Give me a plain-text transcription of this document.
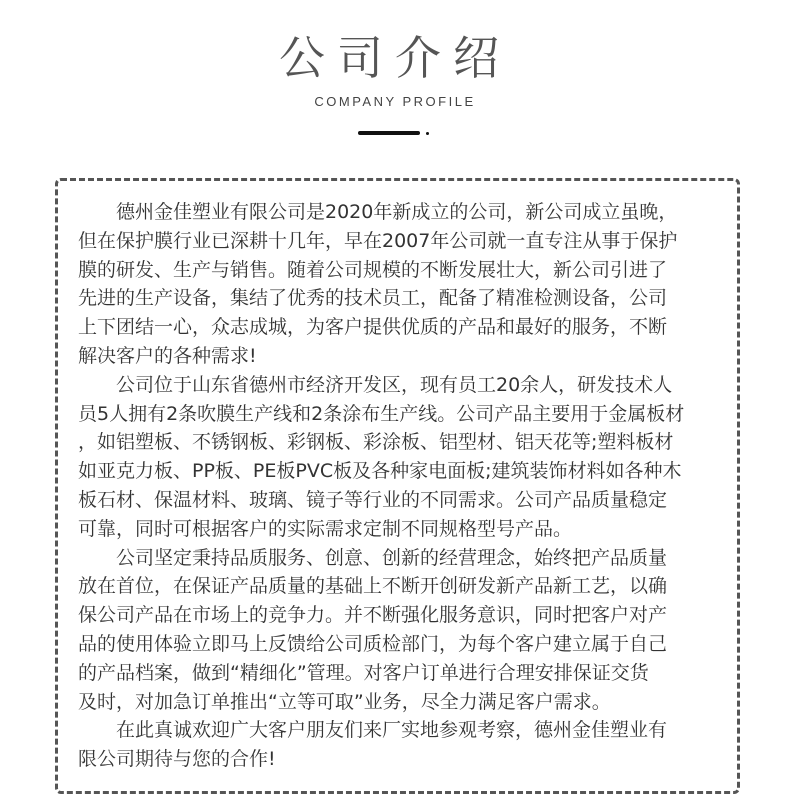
公司介绍
COMPANY PROFILE
德州金佳塑业有限公司是2020年新成立的公司，新公司成立虽晚，
但在保护膜行业已深耕十几年，早在2007年公司就一直专注从事于保护
膜的研发、生产与销售。随着公司规模的不断发展壮大，新公司引进了
先进的生产设备，集结了优秀的技术员工，配备了精准检测设备，公司
上下团结一心，众志成城，为客户提供优质的产品和最好的服务，不断
解决客户的各种需求!
公司位于山东省德州市经济开发区，现有员工20余人，研发技术人
员5人拥有2条吹膜生产线和2条涂布生产线。公司产品主要用于金属板材
，如铝塑板、不锈钢板、彩钢板、彩涂板、铝型材、铝天花等;塑料板材
如亚克力板、PP板、PE板PVC板及各种家电面板;建筑装饰材料如各种木
板石材、保温材料、玻璃、镜子等行业的不同需求。公司产品质量稳定
可靠，同时可根据客户的实际需求定制不同规格型号产品。
公司坚定秉持品质服务、创意、创新的经营理念，始终把产品质量
放在首位，在保证产品质量的基础上不断开创研发新产品新工艺，以确
保公司产品在市场上的竞争力。并不断强化服务意识，同时把客户对产
品的使用体验立即马上反馈给公司质检部门，为每个客户建立属于自己
的产品档案，做到“精细化”管理。对客户订单进行合理安排保证交货
及时，对加急订单推出“立等可取”业务，尽全力满足客户需求。
在此真诚欢迎广大客户朋友们来厂实地参观考察，德州金佳塑业有
限公司期待与您的合作!
